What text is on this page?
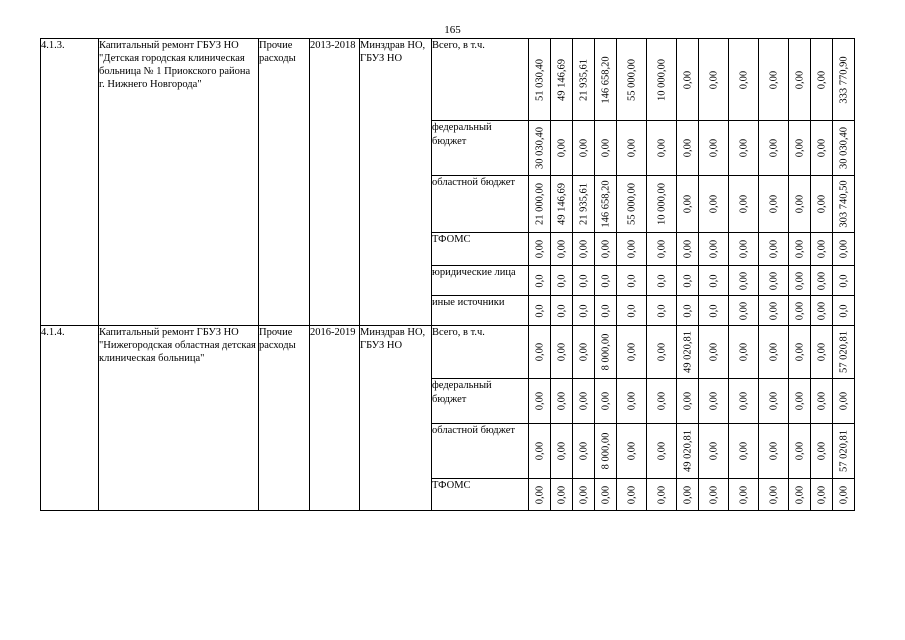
165
4.1.3.	Капитальный ремонт ГБУЗ НО "Детская городская клиническая больница № 1 Приокского района г. Нижнего Новгорода"	Прочие расходы	2013-2018	Минздрав НО, ГБУЗ НО	Всего, в т.ч.	51 030,40	49 146,69	21 935,61	146 658,20	55 000,00	10 000,00	0,00	0,00	0,00	0,00	0,00	0,00	333 770,90

					федеральный бюджет	30 030,40	0,00	0,00	0,00	0,00	0,00	0,00	0,00	0,00	0,00	0,00	0,00	30 030,40

					областной бюджет	21 000,00	49 146,69	21 935,61	146 658,20	55 000,00	10 000,00	0,00	0,00	0,00	0,00	0,00	0,00	303 740,50

					ТФОМС	0,00	0,00	0,00	0,00	0,00	0,00	0,00	0,00	0,00	0,00	0,00	0,00	0,00

					юридические лица	0,0	0,0	0,0	0,0	0,0	0,0	0,0	0,0	0,00	0,00	0,00	0,00	0,0

					иные источники	0,0	0,0	0,0	0,0	0,0	0,0	0,0	0,0	0,00	0,00	0,00	0,00	0,0

4.1.4.	Капитальный ремонт ГБУЗ НО "Нижегородская областная детская клиническая больница"	Прочие расходы	2016-2019	Минздрав НО, ГБУЗ НО	Всего, в т.ч.	0,00	0,00	0,00	8 000,00	0,00	0,00	49 020,81	0,00	0,00	0,00	0,00	0,00	57 020,81

					федеральный бюджет	0,00	0,00	0,00	0,00	0,00	0,00	0,00	0,00	0,00	0,00	0,00	0,00	0,00

					областной бюджет	0,00	0,00	0,00	8 000,00	0,00	0,00	49 020,81	0,00	0,00	0,00	0,00	0,00	57 020,81

					ТФОМС	0,00	0,00	0,00	0,00	0,00	0,00	0,00	0,00	0,00	0,00	0,00	0,00	0,00
